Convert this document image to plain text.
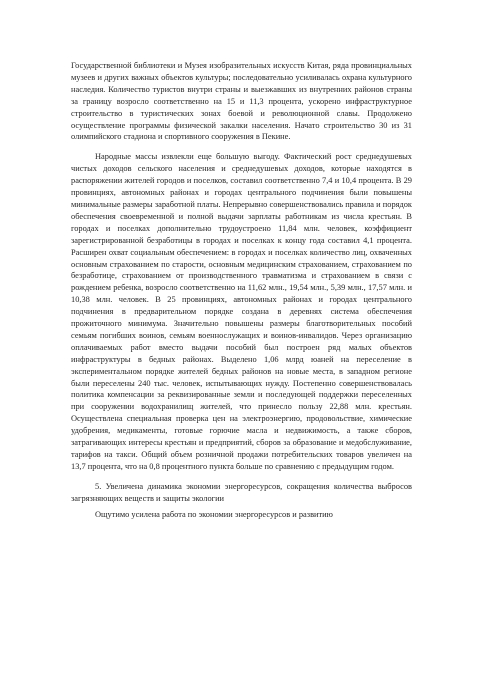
Государственной библиотеки и Музея изобразительных искусств Китая, ряда провинциальных музеев и других важных объектов культуры; последовательно усиливалась охрана культурного наследия. Количество туристов внутри страны и выезжавших из внутренних районов страны за границу возросло соответственно на 15 и 11,3 процента, ускорено инфраструктурное строительство в туристических зонах боевой и революционной славы. Продолжено осуществление программы физической закалки населения. Начато строительство 30 из 31 олимпийского стадиона и спортивного сооружения в Пекине.

Народные массы извлекли еще большую выгоду. Фактический рост среднедушевых чистых доходов сельского населения и среднедушевых доходов, которые находятся в распоряжении жителей городов и поселков, составил соответственно 7,4 и 10,4 процента. В 29 провинциях, автономных районах и городах центрального подчинения были повышены минимальные размеры заработной платы. Непрерывно совершенствовались правила и порядок обеспечения своевременной и полной выдачи зарплаты работникам из числа крестьян. В городах и поселках дополнительно трудоустроено 11,84 млн. человек, коэффициент зарегистрированной безработицы в городах и поселках к концу года составил 4,1 процента. Расширен охват социальным обеспечением: в городах и поселках количество лиц, охваченных основным страхованием по старости, основным медицинским страхованием, страхованием по безработице, страхованием от производственного травматизма и страхованием в связи с рождением ребенка, возросло соответственно на 11,62 млн., 19,54 млн., 5,39 млн., 17,57 млн. и 10,38 млн. человек. В 25 провинциях, автономных районах и городах центрального подчинения в предварительном порядке создана в деревнях система обеспечения прожиточного минимума. Значительно повышены размеры благотворительных пособий семьям погибших воинов, семьям военнослужащих и воинов-инвалидов. Через организацию оплачиваемых работ вместо выдачи пособий был построен ряд малых объектов инфраструктуры в бедных районах. Выделено 1,06 млрд юаней на переселение в экспериментальном порядке жителей бедных районов на новые места, в западном регионе были переселены 240 тыс. человек, испытывающих нужду. Постепенно совершенствовалась политика компенсации за реквизированные земли и последующей поддержки переселенных при сооружении водохранилищ жителей, что принесло пользу 22,88 млн. крестьян. Осуществлена специальная проверка цен на электроэнергию, продовольствие, химические удобрения, медикаменты, готовые горючие масла и недвижимость, а также сборов, затрагивающих интересы крестьян и предприятий, сборов за образование и медобслуживание, тарифов на такси. Общий объем розничной продажи потребительских товаров увеличен на 13,7 процента, что на 0,8 процентного пункта больше по сравнению с предыдущим годом.

5. Увеличена динамика экономии энергоресурсов, сокращения количества выбросов загрязняющих веществ и защиты экологии

Ощутимо усилена работа по экономии энергоресурсов и развитию
